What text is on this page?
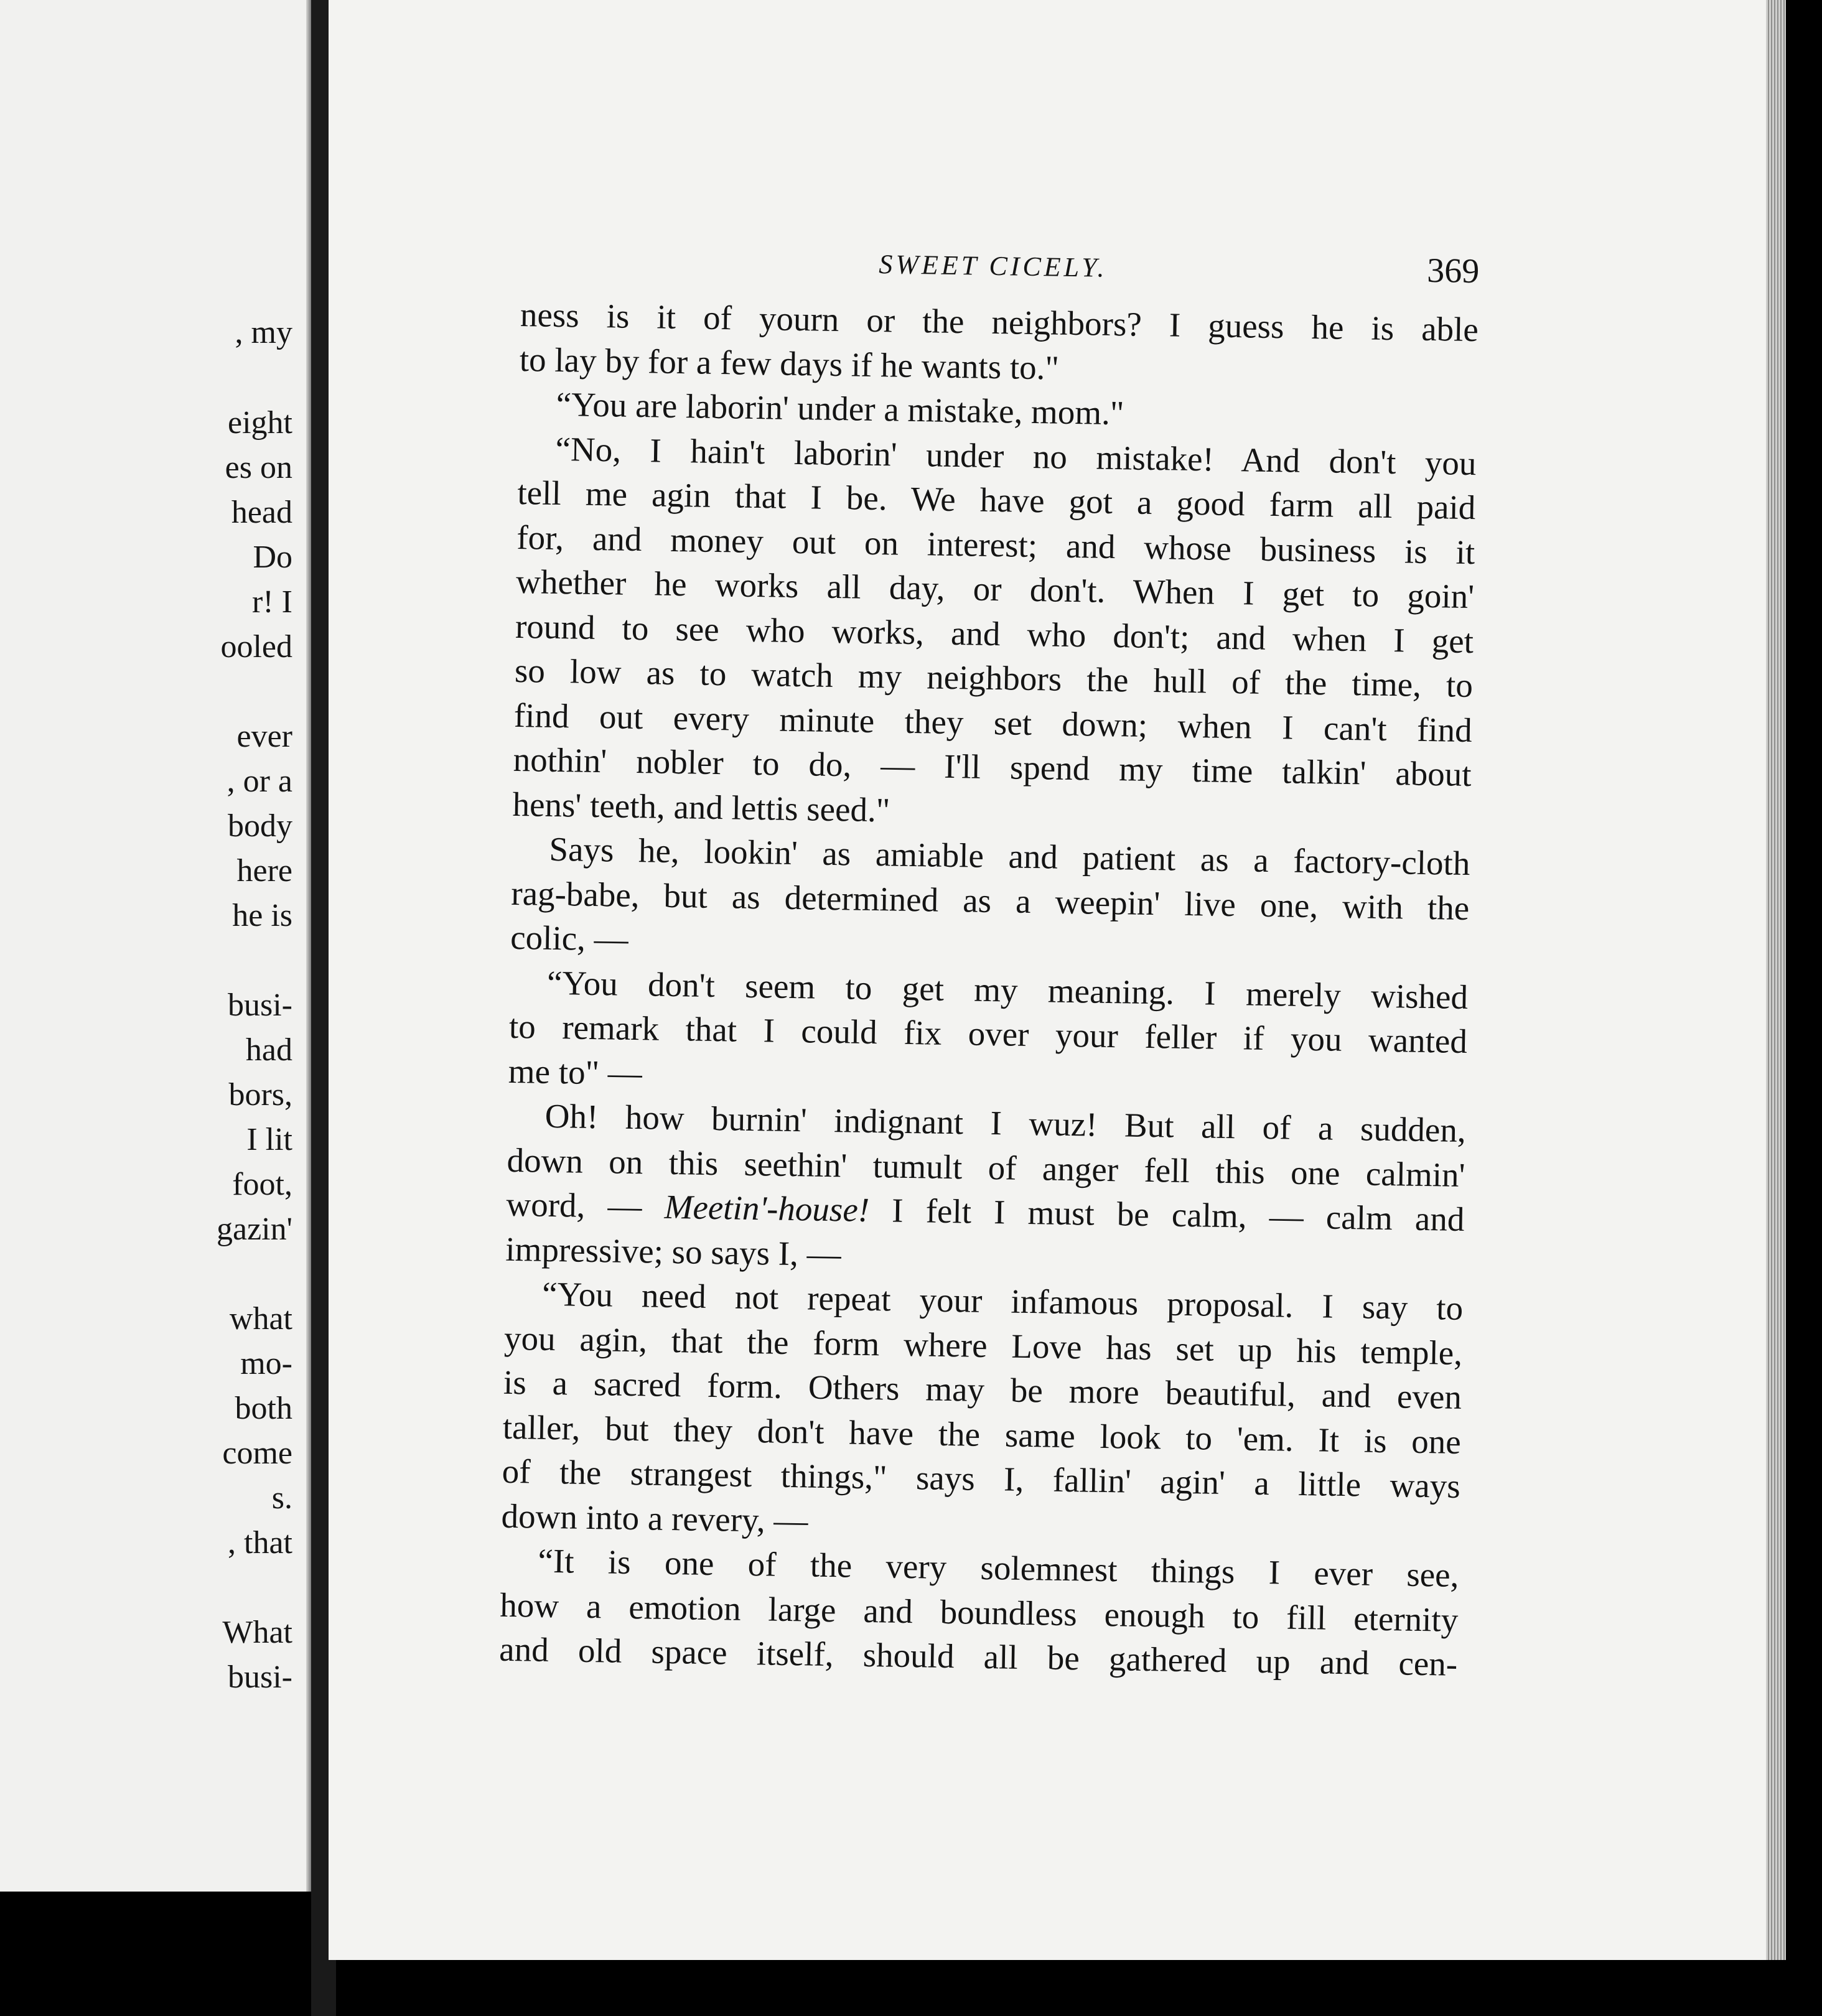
, my
eight
es on
head
Do
r! I
ooled
ever
, or a
body
here
he is
busi-
had
bors,
I lit
foot,
gazin'
what
mo-
both
come
s.
, that
What
busi-
SWEET CICELY.	369
ness is it of yourn or the neighbors? I guess he is able
to lay by for a few days if he wants to."
“You are laborin' under a mistake, mom."
“No, I hain't laborin' under no mistake! And don't you
tell me agin that I be. We have got a good farm all paid
for, and money out on interest; and whose business is it
whether he works all day, or don't. When I get to goin'
round to see who works, and who don't; and when I get
so low as to watch my neighbors the hull of the time, to
find out every minute they set down; when I can't find
nothin' nobler to do, — I'll spend my time talkin' about
hens' teeth, and lettis seed."
Says he, lookin' as amiable and patient as a factory-cloth
rag-babe, but as determined as a weepin' live one, with the
colic, —
“You don't seem to get my meaning. I merely wished
to remark that I could fix over your feller if you wanted
me to" —
Oh! how burnin' indignant I wuz! But all of a sudden,
down on this seethin' tumult of anger fell this one calmin'
word, — Meetin'-house! I felt I must be calm, — calm and
impressive; so says I, —
“You need not repeat your infamous proposal. I say to
you agin, that the form where Love has set up his temple,
is a sacred form. Others may be more beautiful, and even
taller, but they don't have the same look to 'em. It is one
of the strangest things," says I, fallin' agin' a little ways
down into a revery, —
“It is one of the very solemnest things I ever see,
how a emotion large and boundless enough to fill eternity
and old space itself, should all be gathered up and cen-
